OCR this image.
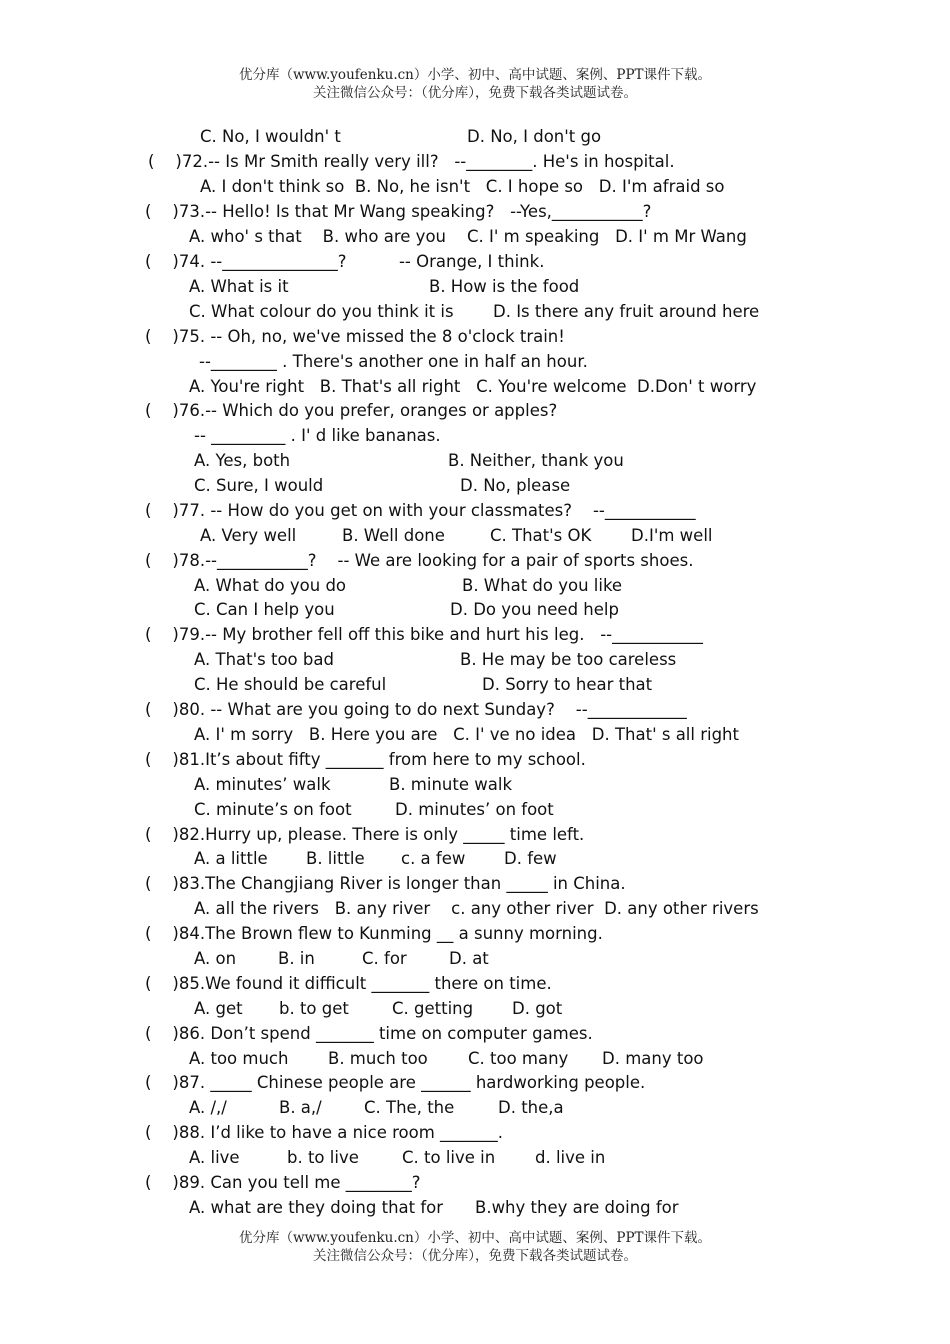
优分库（www.youfenku.cn）小学、初中、高中试题、案例、PPT课件下载。
关注微信公众号：（优分库），免费下载各类试题试卷。
C. No, I wouldn' t	D. No, I don't go
(    )72.-- Is Mr Smith really very ill?   --________. He's in hospital.
A. I don't think so  B. No, he isn't   C. I hope so   D. I'm afraid so
(    )73.-- Hello! Is that Mr Wang speaking?   --Yes,___________?
A. who' s that    B. who are you    C. I' m speaking   D. I' m Mr Wang
(    )74. --______________?          -- Orange, I think.
A. What is it	B. How is the food
C. What colour do you think it is D. Is there any fruit around here
(    )75. -- Oh, no, we've missed the 8 o'clock train!
--________ . There's another one in half an hour.
A. You're right   B. That's all right   C. You're welcome  D.Don' t worry
(    )76.-- Which do you prefer, oranges or apples?
-- _________ . I' d like bananas.
A. Yes, both	B. Neither, thank you
C. Sure, I would	D. No, please
(    )77. -- How do you get on with your classmates?    --___________
A. Very well	B. Well done	C. That's OK D.I'm well
(    )78.--___________?    -- We are looking for a pair of sports shoes.
A. What do you do	B. What do you like
C. Can I help you	D. Do you need help
(    )79.-- My brother fell off this bike and hurt his leg.   --___________
A. That's too bad	B. He may be too careless
C. He should be careful	D. Sorry to hear that
(    )80. -- What are you going to do next Sunday?    --____________
A. I' m sorry   B. Here you are   C. I' ve no idea   D. That' s all right
(    )81.It’s about fifty _______ from here to my school.
A. minutes’ walk	B. minute walk
C. minute’s on foot	D. minutes’ on foot
(    )82.Hurry up, please. There is only _____ time left.
A. a little B. little c. a few D. few
(    )83.The Changjiang River is longer than _____ in China.
A. all the rivers   B. any river    c. any other river  D. any other rivers
(    )84.The Brown flew to Kunming __ a sunny morning.
A. on	B. in	C. for	D. at
(    )85.We found it difficult _______ there on time.
A. get b. to get	C. getting D. got
(    )86. Don’t spend _______ time on computer games.
A. too much B. much too C. too many D. many too
(    )87. _____ Chinese people are ______ hardworking people.
A. /,/	B. a,/	C. The, the	D. the,a
(    )88. I’d like to have a nice room _______.
A. live	b. to live	C. to live in d. live in
(    )89. Can you tell me ________?
A. what are they doing that for B.why they are doing for
优分库（www.youfenku.cn）小学、初中、高中试题、案例、PPT课件下载。
关注微信公众号：（优分库），免费下载各类试题试卷。
